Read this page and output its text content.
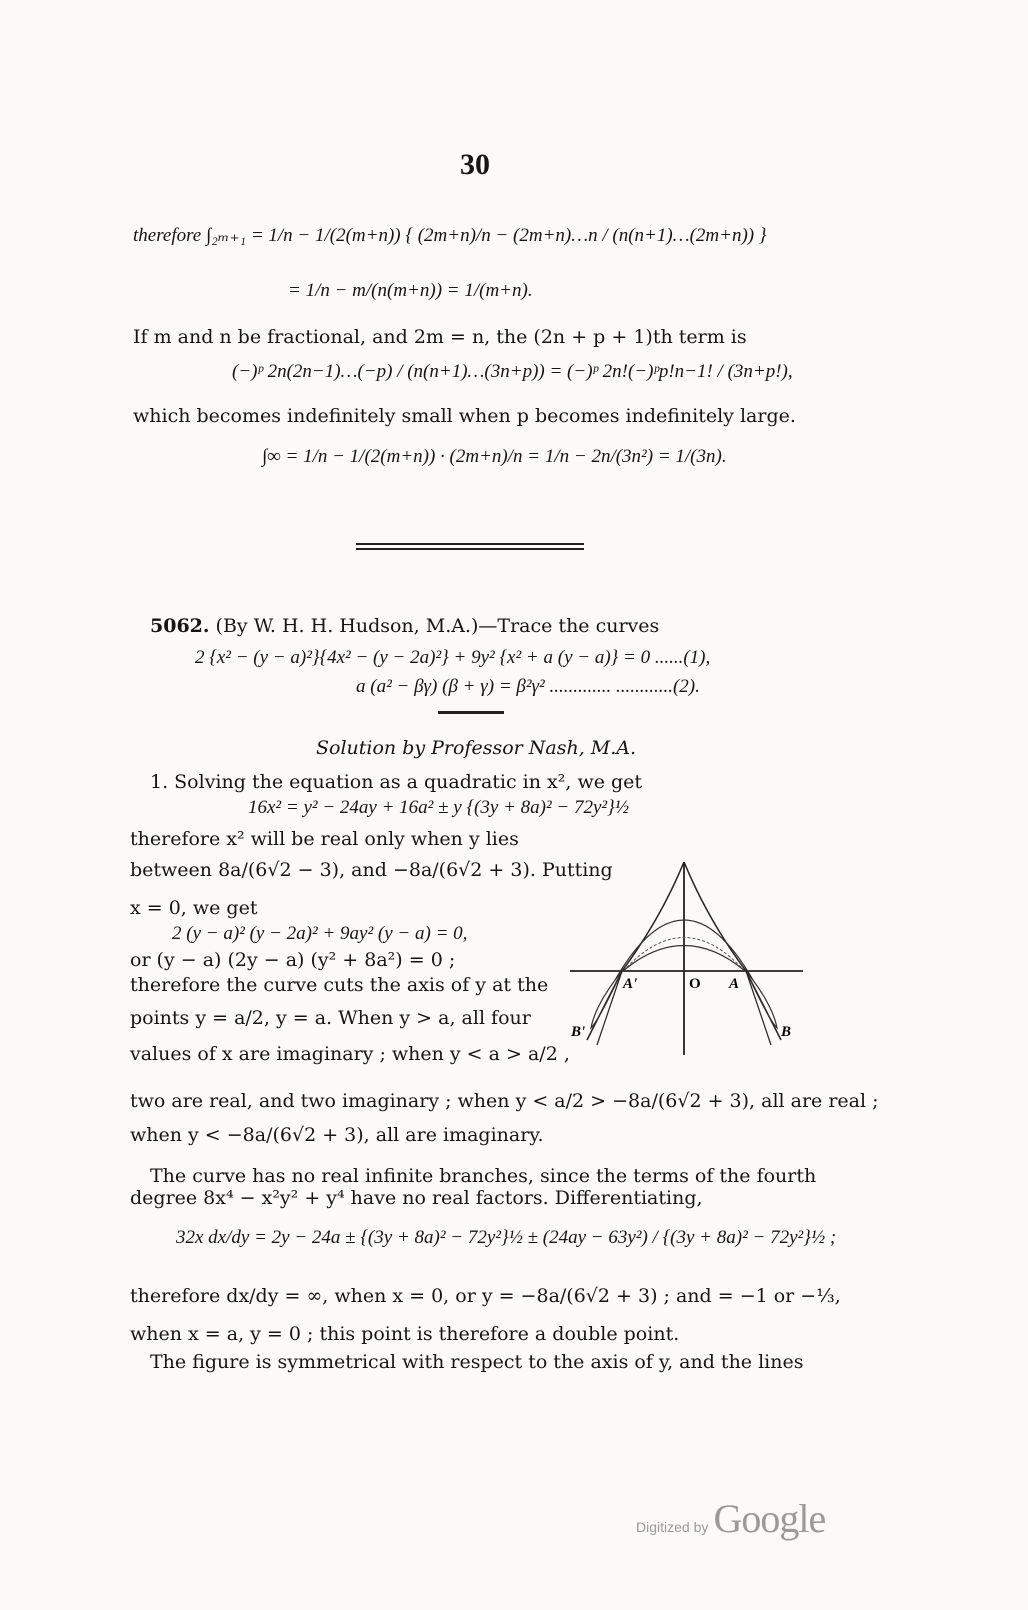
30
therefore ∫₂ₘ₊₁ = 1/n − 1/(2(m+n)) { (2m+n)/n − (2m+n)…n / (n(n+1)…(2m+n)) }
= 1/n − m/(n(m+n)) = 1/(m+n).
If m and n be fractional, and 2m = n, the (2n + p + 1)th term is
(−)ᵖ 2n(2n−1)…(−p) / (n(n+1)…(3n+p)) = (−)ᵖ 2n!(−)ᵖp!n−1! / (3n+p!),
which becomes indefinitely small when p becomes indefinitely large.
∫∞ = 1/n − 1/(2(m+n)) · (2m+n)/n = 1/n − 2n/(3n²) = 1/(3n).
5062. (By W. H. H. Hudson, M.A.)—Trace the curves
2 {x² − (y − a)²}{4x² − (y − 2a)²} + 9y² {x² + a (y − a)} = 0 ......(1),
a (a² − βγ) (β + γ) = β²γ² ............. ............(2).
Solution by Professor Nash, M.A.
1. Solving the equation as a quadratic in x², we get
16x² = y² − 24ay + 16a² ± y {(3y + 8a)² − 72y²}½
therefore x² will be real only when y lies
between 8a/(6√2 − 3), and −8a/(6√2 + 3). Putting
x = 0, we get
2 (y − a)² (y − 2a)² + 9ay² (y − a) = 0,
or (y − a) (2y − a) (y² + 8a²) = 0 ;
therefore the curve cuts the axis of y at the
points y = a/2, y = a. When y > a, all four
values of x are imaginary ; when y < a > a/2 ,
two are real, and two imaginary ; when y < a/2 > −8a/(6√2 + 3), all are real ;
when y < −8a/(6√2 + 3), all are imaginary.
The curve has no real infinite branches, since the terms of the fourth
degree 8x⁴ − x²y² + y⁴ have no real factors. Differentiating,
32x dx/dy = 2y − 24a ± {(3y + 8a)² − 72y²}½ ± (24ay − 63y²) / {(3y + 8a)² − 72y²}½ ;
therefore dx/dy = ∞, when x = 0, or y = −8a/(6√2 + 3) ; and = −1 or −⅓,
when x = a, y = 0 ; this point is therefore a double point.
The figure is symmetrical with respect to the axis of y, and the lines
A'	O A
B'	B
Digitized by Google
